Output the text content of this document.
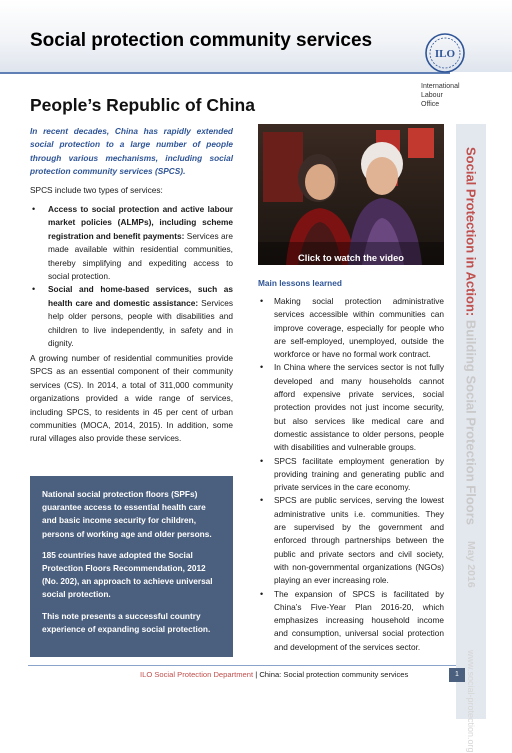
Social protection community services
ILO
International
Labour
Office
People’s Republic of China
In recent decades, China has rapidly extended social protection to a large number of people through various mechanisms, including social protection community services (SPCS).
SPCS include two types of services:
• Access to social protection and active labour market policies (ALMPs), including scheme registration and benefit payments: Services are made available within residential communities, thereby simplifying and expediting access to social protection.
• Social and home-based services, such as health care and domestic assistance: Services help older persons, people with disabilities and children to live independently, in safety and in dignity.
A growing number of residential communities provide SPCS as an essential component of their community services (CS). In 2014, a total of 311,000 community organizations provided a wide range of services, including SPCS, to residents in 45 per cent of urban communities (MOCA, 2014, 2015). In addition, some rural villages also provide these services.

National social protection floors (SPFs) guarantee access to essential health care and basic income security for children, persons of working age and older persons.

185 countries have adopted the Social Protection Floors Recommendation, 2012 (No. 202), an approach to achieve universal social protection.

This note presents a successful country experience of expanding social protection.

Click to watch the video
Main lessons learned
• Making social protection administrative services accessible within communities can improve coverage, especially for people who are self-employed, unemployed, outside the workforce or have no formal work contract.
• In China where the services sector is not fully developed and many households cannot afford expensive private services, social protection provides not just income security, but also services like medical care and domestic assistance to older persons, people with disabilities and vulnerable groups.
• SPCS facilitate employment generation by providing training and generating public and private services in the care economy.
• SPCS are public services, serving the lowest administrative units i.e. communities. They are supervised by the government and enforced through partnerships between the public and private sectors and civil society, with non-governmental organizations (NGOs) playing an ever increasing role.
• The expansion of SPCS is facilitated by China’s Five-Year Plan 2016-20, which emphasizes increasing household income and consumption, universal social protection and development of the services sector.
Social Protection in Action: Building Social Protection Floors
May 2016
www.social-protection.org
ILO Social Protection Department | China: Social protection community services	1
